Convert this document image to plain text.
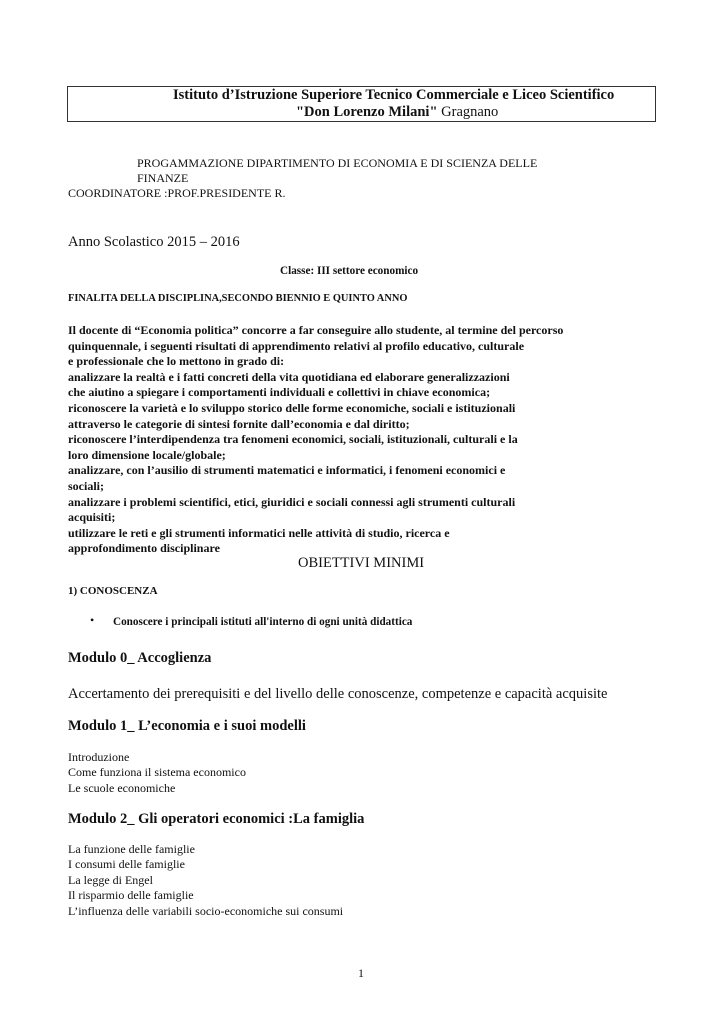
Istituto d’Istruzione Superiore Tecnico Commerciale e Liceo Scientifico
"Don Lorenzo Milani" Gragnano
PROGAMMAZIONE DIPARTIMENTO DI ECONOMIA E DI SCIENZA DELLE
FINANZE
COORDINATORE :PROF.PRESIDENTE R.
Anno Scolastico 2015 – 2016
Classe: III settore economico
FINALITA DELLA DISCIPLINA,SECONDO BIENNIO E QUINTO ANNO
Il docente di “Economia politica” concorre a far conseguire allo studente, al termine del percorso
quinquennale, i seguenti risultati di apprendimento relativi al profilo educativo, culturale
e professionale che lo mettono in grado di:
analizzare la realtà e i fatti concreti della vita quotidiana ed elaborare generalizzazioni
che aiutino a spiegare i comportamenti individuali e collettivi in chiave economica;
riconoscere la varietà e lo sviluppo storico delle forme economiche, sociali e istituzionali
attraverso le categorie di sintesi fornite dall’economia e dal diritto;
riconoscere l’interdipendenza tra fenomeni economici, sociali, istituzionali, culturali e la
loro dimensione locale/globale;
analizzare, con l’ausilio di strumenti matematici e informatici, i fenomeni economici e
sociali;
analizzare i problemi scientifici, etici, giuridici e sociali connessi agli strumenti culturali
acquisiti;
utilizzare le reti e gli strumenti informatici nelle attività di studio, ricerca e
approfondimento disciplinare
OBIETTIVI MINIMI
1) CONOSCENZA
• Conoscere i principali istituti all'interno di ogni unità didattica
Modulo 0_ Accoglienza
Accertamento dei prerequisiti e del livello delle conoscenze, competenze e capacità acquisite
Modulo 1_ L’economia e i suoi modelli
Introduzione
Come funziona il sistema economico
Le scuole economiche
Modulo 2_ Gli operatori economici :La famiglia
La funzione delle famiglie
I consumi delle famiglie
La legge di Engel
Il risparmio delle famiglie
L’influenza delle variabili socio-economiche sui consumi
1
